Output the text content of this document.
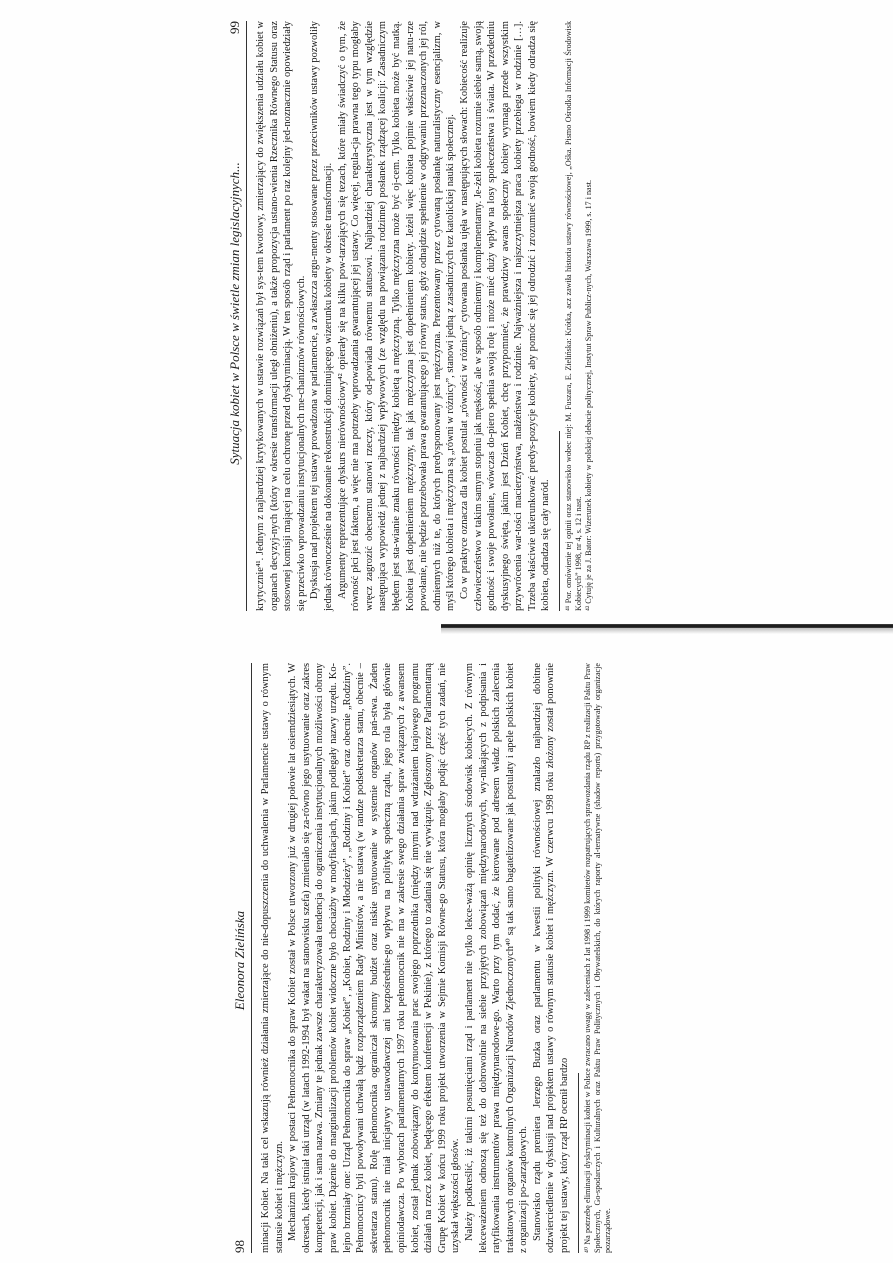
98
Eleonora Zielińska minacji Kobiet. Na taki cel wskazują również działania zmierzające do nie-dopuszczenia do uchwalenia w Parlamencie ustawy o równym statusie kobiet i mężczyzn. Mechanizm krajowy w postaci Pełnomocnika do spraw Kobiet został w Polsce utworzony już w drugiej połowie lat osiemdziesiątych. W okresach, kiedy istniał taki urząd (w latach 1992-1994 był wakat na stanowisku szefa) zmieniało się za-równo jego usytuowanie oraz zakres kompetencji, jak i sama nazwa. Zmiany te jednak zawsze charakteryzowała tendencja do ograniczenia instytucjonalnych możliwości obrony praw kobiet. Dążenie do marginalizacji problemów kobiet widoczne było chociażby w modyfikacjach, jakim podlegały nazwy urzędu. Ko-lejno brzmiały one: Urząd Pełnomocnika do spraw „Kobiet”, „Kobiet, Rodziny i Młodzieży”, „Rodziny i Kobiet” oraz obecnie „Rodziny”. Pełnomocnicy byli powoływani uchwałą bądź rozporządzeniem Rady Ministrów, a nie ustawą (w randze podsekretarza stanu, obecnie – sekretarza stanu). Rolę pełnomocnika ograniczał skromny budżet oraz niskie usytuowanie w systemie organów pań-stwa. Żaden pełnomocnik nie miał inicjatywy ustawodawczej ani bezpośrednie-go wpływu na politykę społeczną rządu, jego rola była głównie opiniodawcza. Po wyborach parlamentarnych 1997 roku pełnomocnik nie ma w zakresie swego działania spraw związanych z awansem kobiet, został jednak zobowiązany do kontynuowania prac swojego poprzednika (między innymi nad wdrażaniem krajowego programu działań na rzecz kobiet, będącego efektem konferencji w Pekinie), z którego to zadania się nie wywiązuje. Zgłoszony przez Parlamentarną Grupę Kobiet w końcu 1999 roku projekt utworzenia w Sejmie Komisji Równe-go Statusu, która mogłaby podjąć część tych zadań, nie uzyskał większości głosów. Należy podkreślić, iż takimi posunięciami rząd i parlament nie tylko lekce-ważą opinię licznych środowisk kobiecych. Z równym lekceważeniem odnoszą się też do dobrowolnie na siebie przyjętych zobowiązań międzynarodowych, wy-nikających z podpisania i ratyfikowania instrumentów prawa międzynarodowe-go. Warto przy tym dodać, że kierowane pod adresem władz polskich zalecenia traktatowych organów kontrolnych Organizacji Narodów Zjednoczonych⁴⁰ są tak samo bagatelizowane jak postulaty i apele polskich kobiet z organizacji po-zarządowych. Stanowisko rządu premiera Jerzego Buzka oraz parlamentu w kwestii polityki równościowej znalazło najbardziej dobitne odzwierciedlenie w dyskusji nad projektem ustawy o równym statusie kobiet i mężczyzn. W czerwcu 1998 roku złożony został ponownie projekt tej ustawy, który rząd RP ocenił bardzo ⁴⁰ Na potrzebę eliminacji dyskryminacji kobiet w Polsce zwracano uwagę w zaleceniach z lat 1998 i 1999 komitetów rozpatrujących sprawozdania rządu RP z realizacji Paktu Praw Społecznych, Go-spodarczych i Kulturalnych oraz Paktu Praw Politycznych i Obywatelskich, do których raporty al-ternatywne (shadow reports) przygotowały organizacje pozarządowe.

Sytuacja kobiet w Polsce w świetle zmian legislacyjnych...
99 krytycznie⁴¹. Jednym z najbardziej krytykowanych w ustawie rozwiązań był sys-tem kwotowy, zmierzający do zwiększenia udziału kobiet w organach decyzyj-nych (który w okresie transformacji uległ obniżeniu), a także propozycja ustano-wienia Rzecznika Równego Statusu oraz stosownej komisji mającej na celu ochronę przed dyskryminacją. W ten sposób rząd i parlament po raz kolejny jed-noznacznie opowiedziały się przeciwko wprowadzaniu instytucjonalnych me-chanizmów równościowych. Dyskusja nad projektem tej ustawy prowadzona w parlamencie, a zwłaszcza argu-menty stosowane przez przeciwników ustawy pozwoliły jednak równocześnie na dokonanie rekonstrukcji dominującego wizerunku kobiety w okresie transformacji. Argumenty reprezentujące dyskurs nierównościowy⁴² opierały się na kilku pow-tarzających się tezach, które miały świadczyć o tym, że równość płci jest faktem, a więc nie ma potrzeby wprowadzania gwarantującej jej ustawy. Co więcej, regula-cja prawna tego typu mogłaby wręcz zagrozić obecnemu stanowi rzeczy, który od-powiada równemu statusowi. Najbardziej charakterystyczna jest w tym względzie następująca wypowiedź jednej z najbardziej wpływowych (ze względu na powiązania rodzinne) posłanek rządzącej koalicji: Zasadniczym błędem jest sta-wianie znaku równości między kobietą a mężczyzną. Tylko mężczyzna może być oj-cem. Tylko kobieta może być matką. Kobieta jest dopełnieniem mężczyzny, tak jak mężczyzna jest dopełnieniem kobiety. Jeżeli więc kobieta pojmie właściwie jej natu-rze powołanie, nie będzie potrzebowała prawa gwarantującego jej równy status, gdyż odnajdzie spełnienie w odgrywaniu przeznaczonych jej ról, odmiennych niż te, do których predysponowany jest mężczyzna. Prezentowany przez cytowaną posłankę naturalistyczny esencjalizm, w myśl którego kobieta i mężczyzna są „równi w różnicy”, stanowi jedną z zasadniczych tez katolickiej nauki społecznej. Co w praktyce oznacza dla kobiet postulat „równości w różnicy” cytowana posłanka ujęła w następujących słowach: Kobiecość realizuje człowieczeństwo w takim samym stopniu jak męskość, ale w sposób odmienny i komplementarny. Je-żeli kobieta rozumie siebie samą, swoją godność i swoje powołanie, wówczas do-piero spełnia swoją rolę i może mieć duży wpływ na losy społeczeństwa i świata. W przededniu dyskusyjnego święta, jakim jest Dzień Kobiet, chcę przypomnieć, że prawdziwy awans społeczny kobiety wymaga przede wszystkim przywrócenia war-tości macierzyństwa, małżeństwa i rodzinie. Najważniejsza i najszczytniejsza praca kobiety przebiega w rodzinie […]. Trzeba właściwie ukierunkować predys-pozycje kobiety, aby pomóc się jej odrodzić i zrozumieć swoją godność, bowiem kiedy odradza się kobieta, odradza się cały naród. ⁴¹ Por. omówienie tej opinii oraz stanowisko wobec niej: M. Fuszara, E. Zielińska: Krótka, acz zawiła historia ustawy równościowej, „Ośka. Pismo Ośrodka Informacji Środowisk Kobiecych” 1998, nr 4, s. 12 i nast. ⁴² Cytuję je za J. Bator: Wizerunek kobiety w polskiej debacie politycznej, Instytut Spraw Publicz-nych, Warszawa 1999, s. 17 i nast.
